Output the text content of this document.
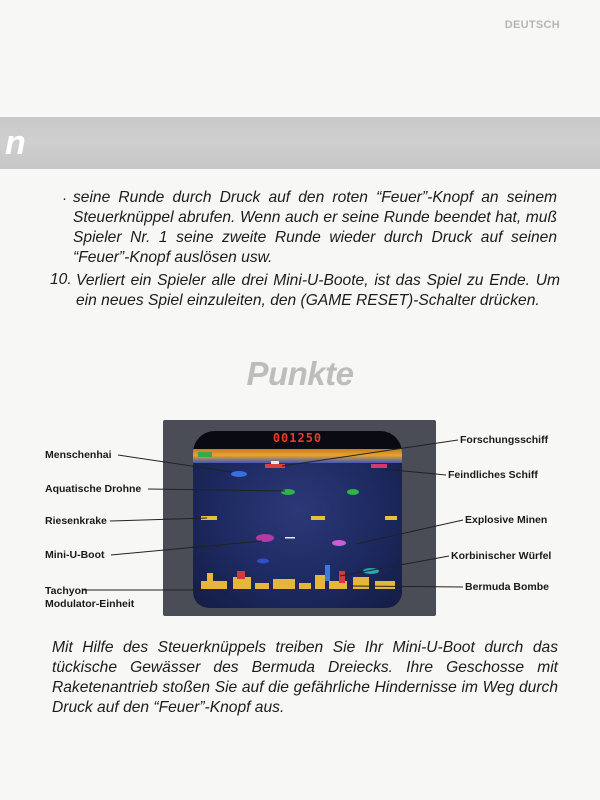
DEUTSCH
n
· seine Runde durch Druck auf den roten “Feuer”-Knopf an seinem Steuerknüppel abrufen. Wenn auch er seine Runde beendet hat, muß Spieler Nr. 1 seine zweite Runde wieder durch Druck auf seinen “Feuer”-Knopf auslösen usw.

10. Verliert ein Spieler alle drei Mini-U-Boote, ist das Spiel zu Ende. Um ein neues Spiel einzuleiten, den (GAME RESET)-Schalter drücken.

Punkte
001250
Menschenhai
Aquatische Drohne
Riesenkrake
Mini-U-Boot
Tachyon
Modulator-Einheit
Forschungsschiff
Feindliches Schiff
Explosive Minen
Korbinischer Würfel
Bermuda Bombe

Mit Hilfe des Steuerknüppels treiben Sie Ihr Mini-U-Boot durch das tückische Gewässer des Bermuda Dreiecks. Ihre Geschosse mit Raketenantrieb stoßen Sie auf die gefährliche Hindernisse im Weg durch Druck auf den “Feuer”-Knopf aus.
